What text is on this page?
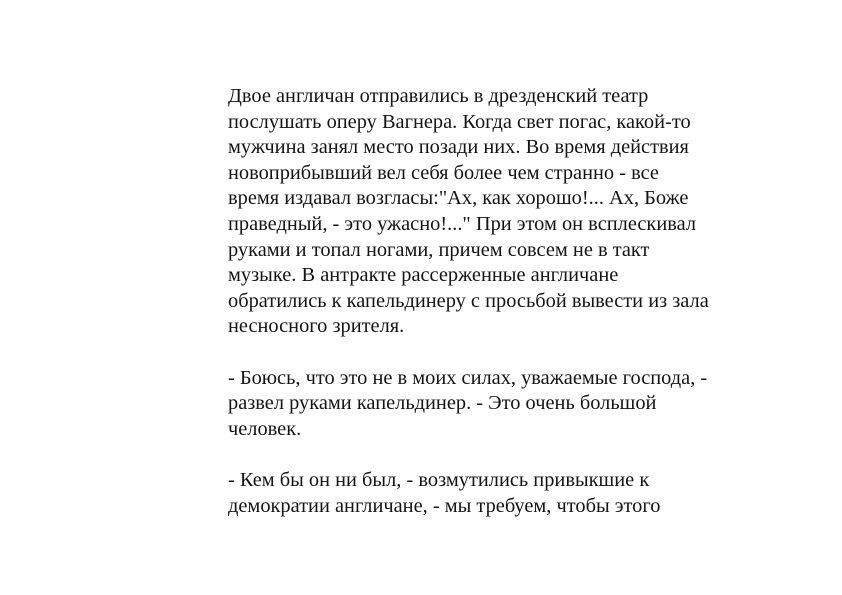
Двое англичан отправились в дрезденский театр
послушать оперу Вагнера. Когда свет погас, какой-то
мужчина занял место позади них. Во время действия
новоприбывший вел себя более чем странно - все
время издавал возгласы:"Ах, как хорошо!... Ах, Боже
праведный, - это ужасно!..." При этом он всплескивал
руками и топал ногами, причем совсем не в такт
музыке. В антракте рассерженные англичане
обратились к капельдинеру с просьбой вывести из зала
несносного зрителя.
- Боюсь, что это не в моих силах, уважаемые господа, -
развел руками капельдинер. - Это очень большой
человек.
- Кем бы он ни был, - возмутились привыкшие к
демократии англичане, - мы требуем, чтобы этого
